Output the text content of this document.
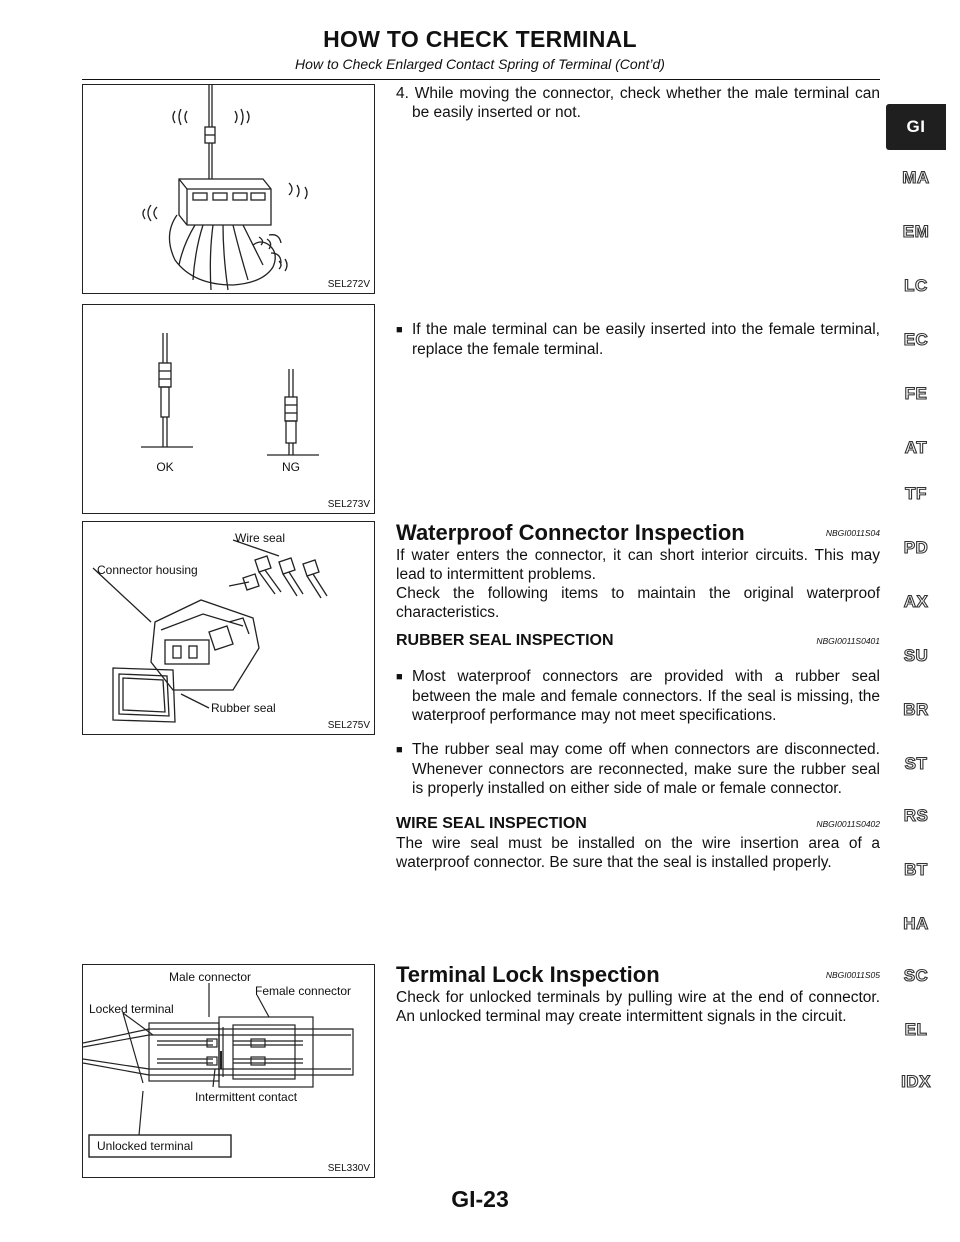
HOW TO CHECK TERMINAL
How to Check Enlarged Contact Spring of Terminal (Cont’d)
SEL272V
OK	NG
SEL273V
Wire seal
Connector housing
Rubber seal
SEL275V
Male connector
Female connector
Locked terminal
Intermittent contact
Unlocked terminal
SEL330V

4. While moving the connector, check whether the male terminal can be easily inserted or not.

■ If the male terminal can be easily inserted into the female terminal, replace the female terminal.

Waterproof Connector Inspection	NBGI0011S04

If water enters the connector, it can short interior circuits. This may lead to intermittent problems.

Check the following items to maintain the original waterproof characteristics.

RUBBER SEAL INSPECTION	NBGI0011S0401

■ Most waterproof connectors are provided with a rubber seal between the male and female connectors. If the seal is missing, the waterproof performance may not meet specifications.

■ The rubber seal may come off when connectors are disconnected. Whenever connectors are reconnected, make sure the rubber seal is properly installed on either side of male or female connector.

WIRE SEAL INSPECTION	NBGI0011S0402

The wire seal must be installed on the wire insertion area of a waterproof connector. Be sure that the seal is installed properly.

Terminal Lock Inspection	NBGI0011S05

Check for unlocked terminals by pulling wire at the end of connector. An unlocked terminal may create intermittent signals in the circuit.

GI
MA
EM
LC
EC
FE
AT
TF
PD
AX
SU
BR
ST
RS
BT
HA
SC
EL
IDX
GI-23
